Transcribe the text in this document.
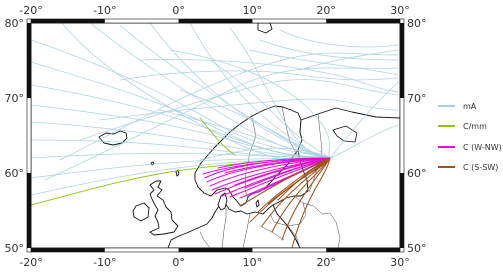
-20°	-10°	0°	10°	20°	30°
-20°	-10°	0°	10°	20°	30°
80°
70°
60°
50°
80°
70°
60°
50°
mA
C/mm
C (W-NW)
C (S-SW)
